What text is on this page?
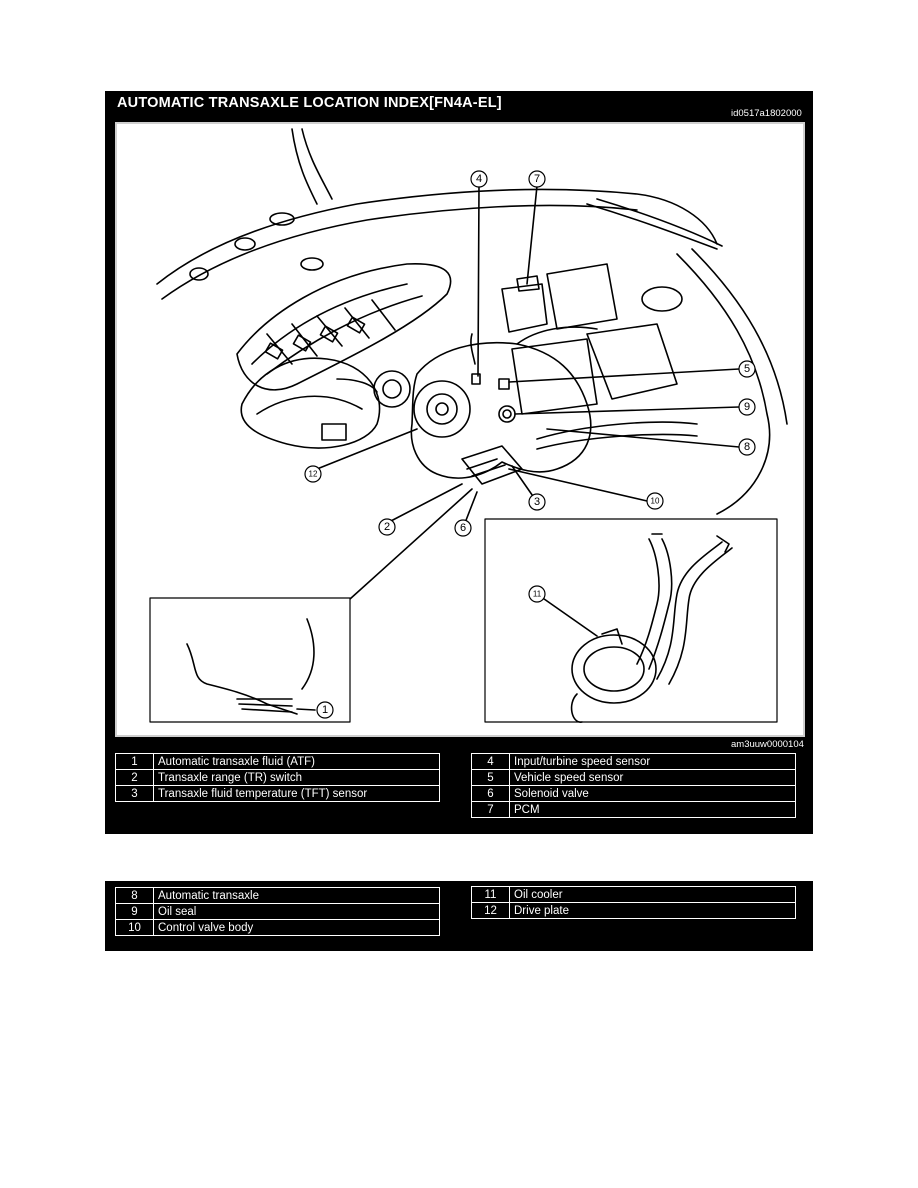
AUTOMATIC TRANSAXLE LOCATION INDEX[FN4A-EL]
id0517a1802000
4	7
5
9
8
10
3
6
2
12
1
11
am3uuw0000104
1	Automatic transaxle fluid (ATF)
2	Transaxle range (TR) switch
3	Transaxle fluid temperature (TFT) sensor
4	Input/turbine speed sensor
5	Vehicle speed sensor
6	Solenoid valve
7	PCM
8	Automatic transaxle
9	Oil seal
10	Control valve body
11	Oil cooler
12	Drive plate
